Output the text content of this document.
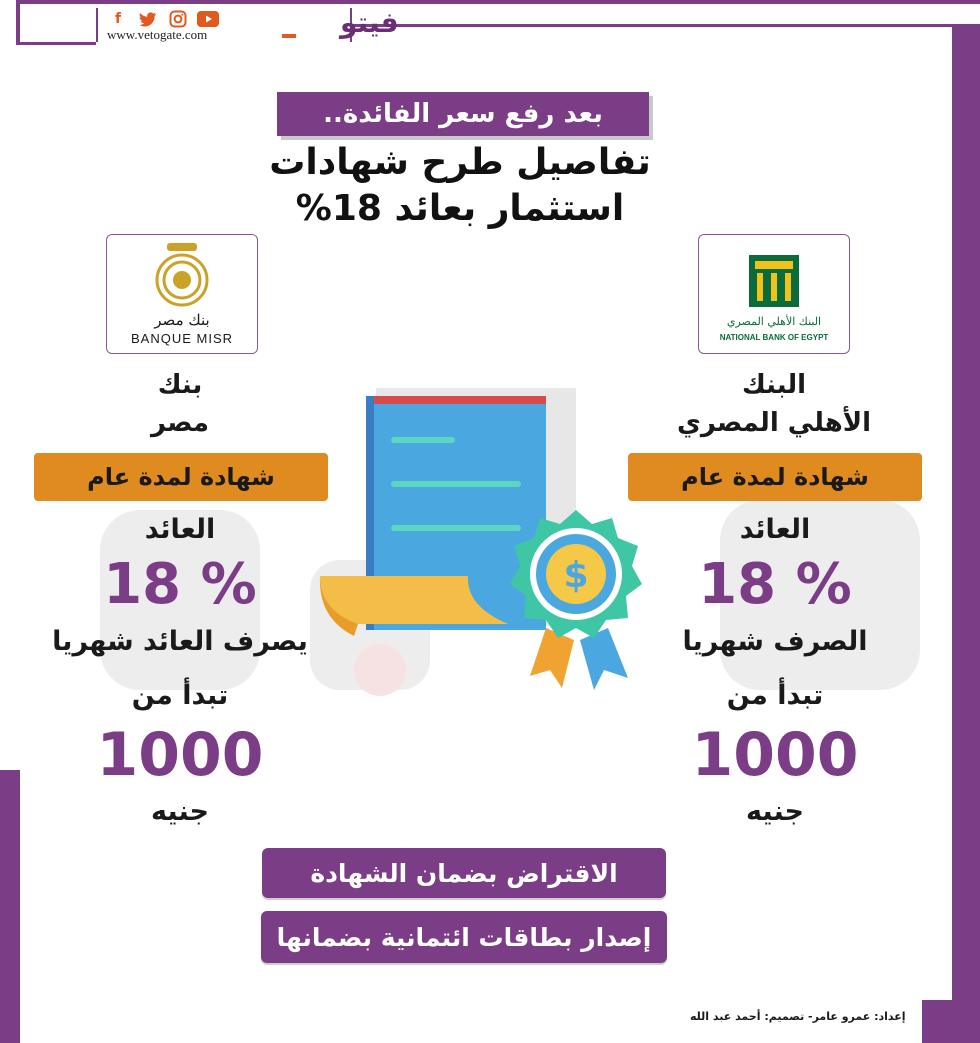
f
www.vetogate.com	فيتو
بعد رفع سعر الفائدة..
تفاصيل طرح شهادات
استثمار بعائد 18%
بنك مصر
BANQUE MISR
البنك الأهلي المصري
NATIONAL BANK OF EGYPT
بنك
مصر
البنك
الأهلي المصري
شهادة لمدة عام	شهادة لمدة عام
العائد
18 %
يصرف العائد شهريا
تبدأ من
1000
جنيه
العائد
18 %
الصرف شهريا
تبدأ من
1000
جنيه
$
الاقتراض بضمان الشهادة
إصدار بطاقات ائتمانية بضمانها
إعداد: عمرو عامر- تصميم: أحمد عبد الله
